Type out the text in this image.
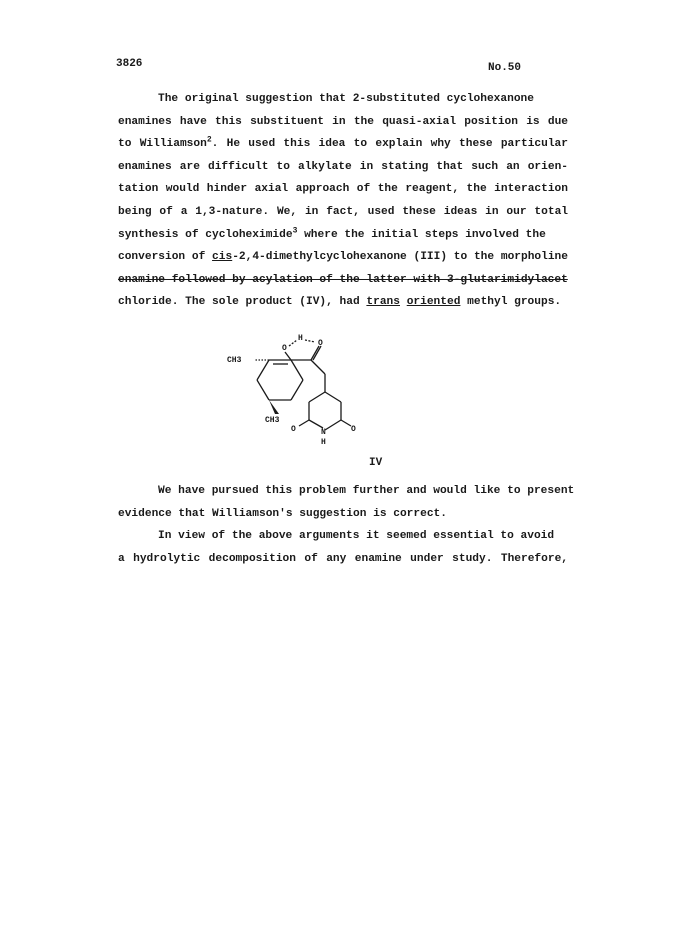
3826	No.50
The original suggestion that 2-substituted cyclohexanone
enamines have this substituent in the quasi-axial position is due
to Williamson$^2$. He used this idea to explain why these particular
enamines are difficult to alkylate in stating that such an orien-
tation would hinder axial approach of the reagent, the interaction
being of a 1,3-nature. We, in fact, used these ideas in our total
synthesis of cycloheximide$^3$ where the initial steps involved the
conversion of cis-2,4-dimethylcyclohexanone (III) to the morpholine
enamine followed by acylation of the latter with 3-glutarimidylacet
chloride. The sole product (IV), had trans oriented methyl groups.
CH3
CH3
O
H
O
O	N
H
O
IV
We have pursued this problem further and would like to present
evidence that Williamson's suggestion is correct.
In view of the above arguments it seemed essential to avoid
a hydrolytic decomposition of any enamine under study. Therefore,
